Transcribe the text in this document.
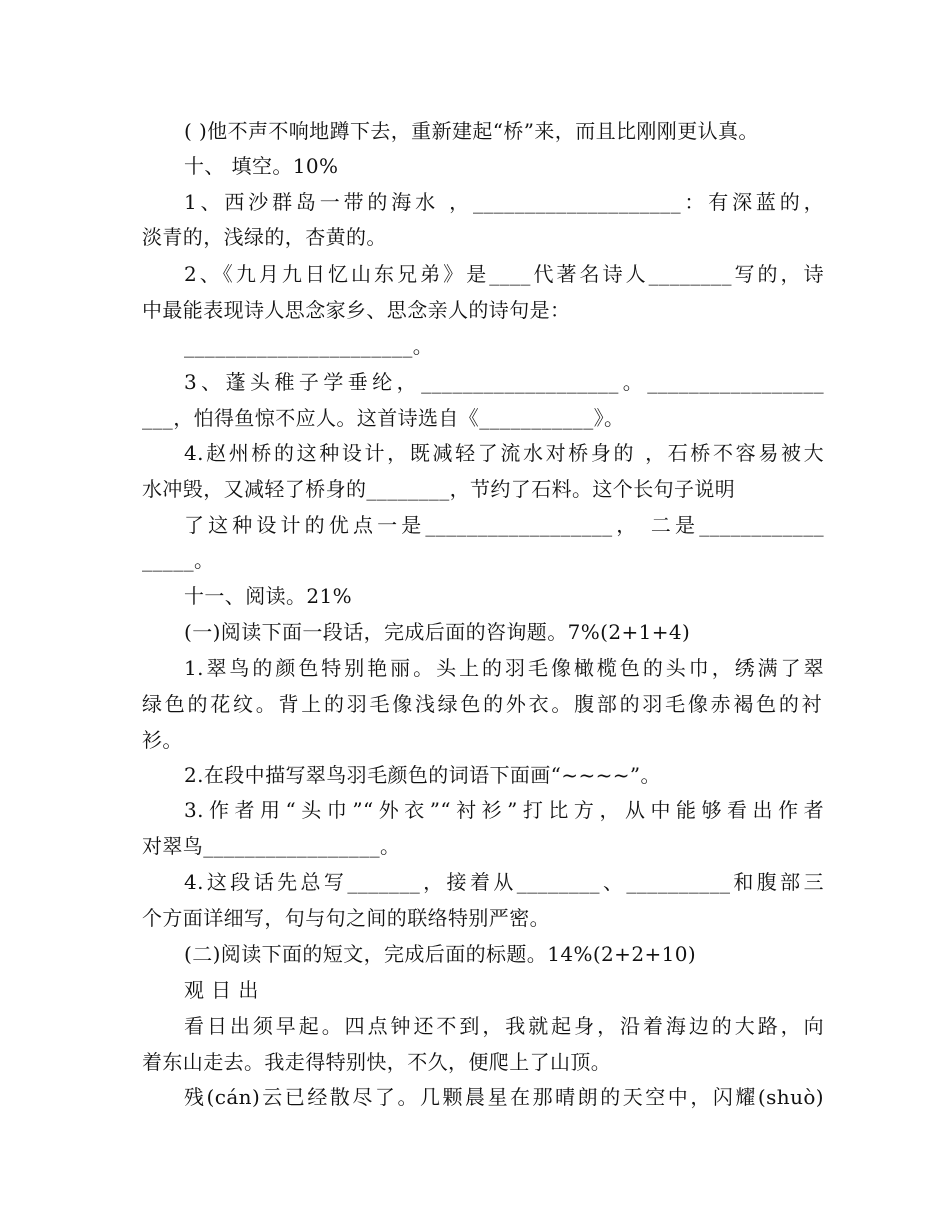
( )他不声不响地蹲下去，重新建起“桥”来，而且比刚刚更认真。
十、 填空。10%
1、西沙群岛一带的海水 ，____________________：有深蓝的，
淡青的，浅绿的，杏黄的。
2、《九月九日忆山东兄弟》是____代著名诗人________写的，诗
中最能表现诗人思念家乡、思念亲人的诗句是：
______________________。
3、蓬头稚子学垂纶，___________________。_________________
___，怕得鱼惊不应人。这首诗选自《___________》。
4.赵州桥的这种设计，既减轻了流水对桥身的 ，石桥不容易被大
水冲毁，又减轻了桥身的________，节约了石料。这个长句子说明
了这种设计的优点一是__________________， 二是____________
_____。
十一、阅读。21%
(一)阅读下面一段话，完成后面的咨询题。7%(2+1+4)
1.翠鸟的颜色特别艳丽。头上的羽毛像橄榄色的头巾，绣满了翠
绿色的花纹。背上的羽毛像浅绿色的外衣。腹部的羽毛像赤褐色的衬
衫。
2.在段中描写翠鸟羽毛颜色的词语下面画“~~~~”。
3.作者用“头巾”“外衣”“衬衫”打比方，从中能够看出作者
对翠鸟_________________。
4.这段话先总写_______，接着从________、__________和腹部三
个方面详细写，句与句之间的联络特别严密。
(二)阅读下面的短文，完成后面的标题。14%(2+2+10)
观 日 出
看日出须早起。四点钟还不到，我就起身，沿着海边的大路，向
着东山走去。我走得特别快，不久，便爬上了山顶。
残(cán)云已经散尽了。几颗晨星在那晴朗的天空中，闪耀(shuò)
